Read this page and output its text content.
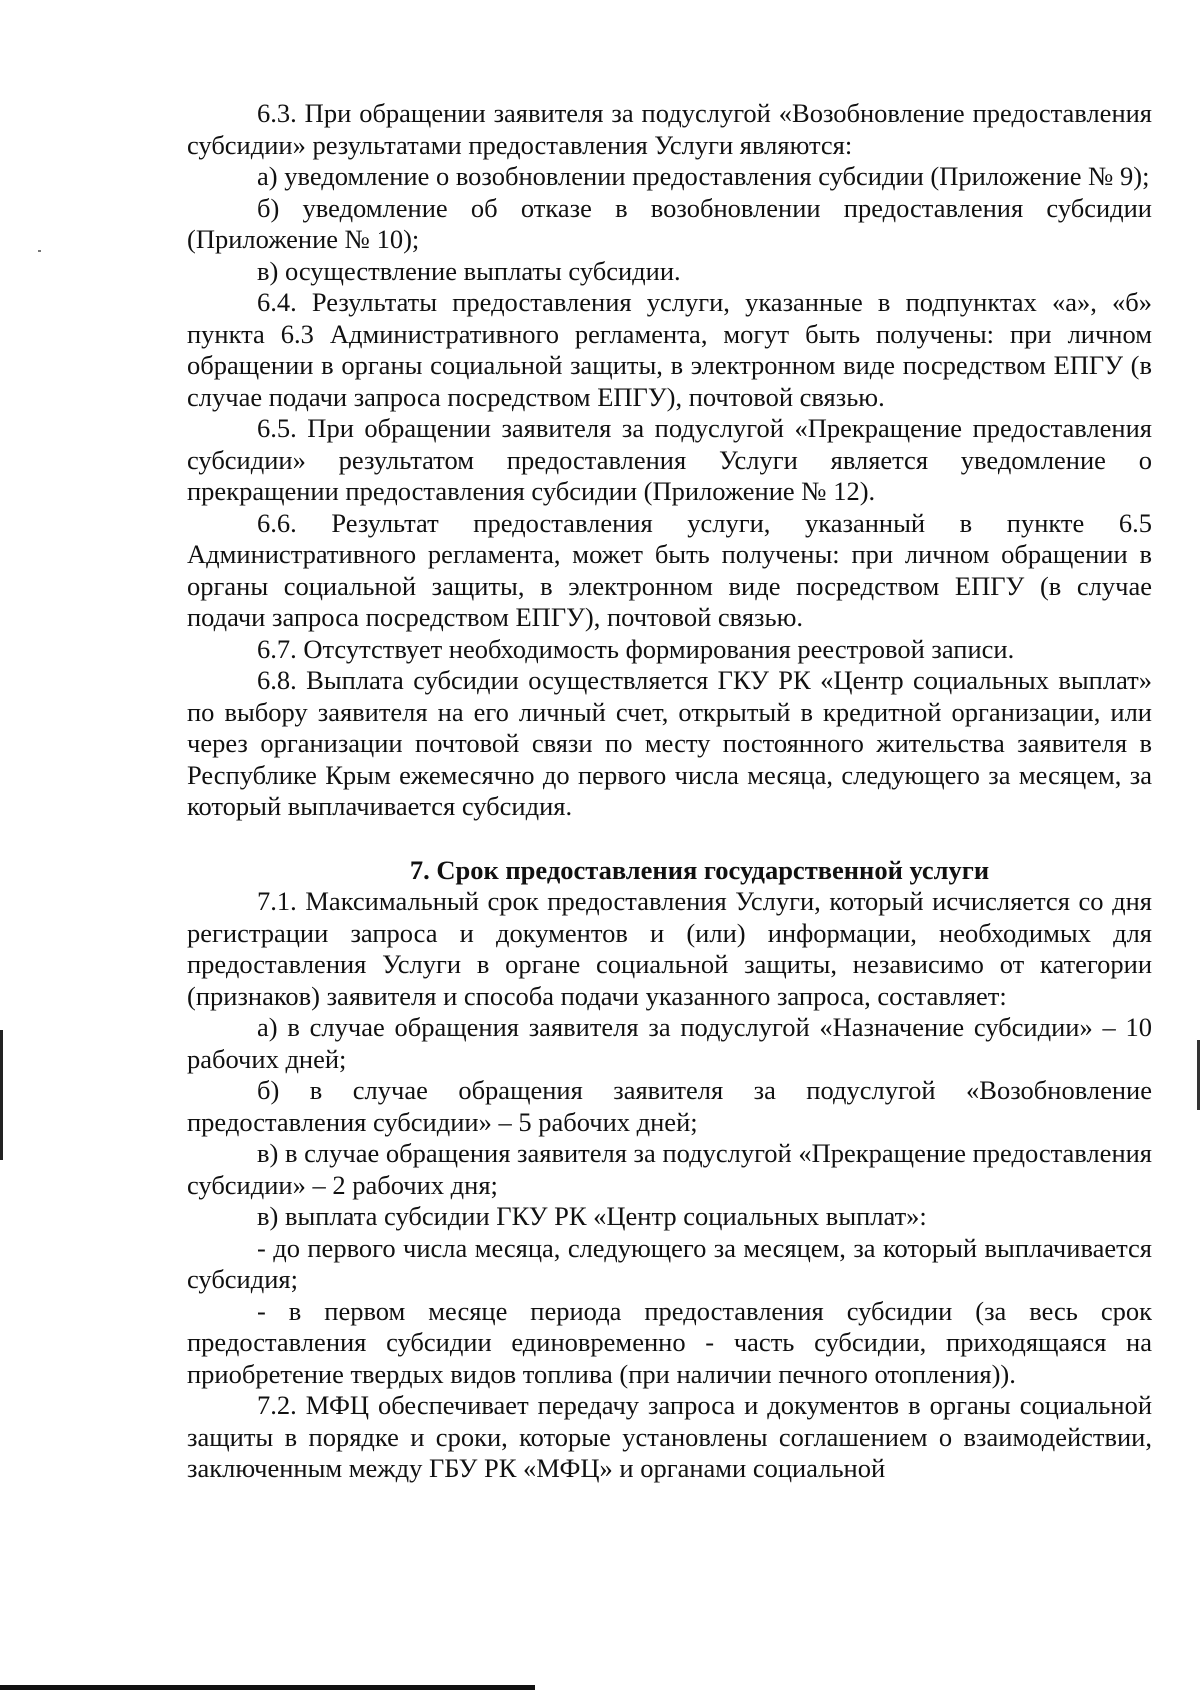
6.3. При обращении заявителя за подуслугой «Возобновление предоставления субсидии» результатами предоставления Услуги являются:

а) уведомление о возобновлении предоставления субсидии (Приложение № 9);

б) уведомление об отказе в возобновлении предоставления субсидии (Приложение № 10);

в) осуществление выплаты субсидии.

6.4. Результаты предоставления услуги, указанные в подпунктах «а», «б» пункта 6.3 Административного регламента, могут быть получены: при личном обращении в органы социальной защиты, в электронном виде посредством ЕПГУ (в случае подачи запроса посредством ЕПГУ), почтовой связью.

6.5. При обращении заявителя за подуслугой «Прекращение предоставления субсидии» результатом предоставления Услуги является уведомление о прекращении предоставления субсидии (Приложение № 12).

6.6. Результат предоставления услуги, указанный в пункте 6.5 Административного регламента, может быть получены: при личном обращении в органы социальной защиты, в электронном виде посредством ЕПГУ (в случае подачи запроса посредством ЕПГУ), почтовой связью.

6.7. Отсутствует необходимость формирования реестровой записи.

6.8. Выплата субсидии осуществляется ГКУ РК «Центр социальных выплат» по выбору заявителя на его личный счет, открытый в кредитной организации, или через организации почтовой связи по месту постоянного жительства заявителя в Республике Крым ежемесячно до первого числа месяца, следующего за месяцем, за который выплачивается субсидия.

7. Срок предоставления государственной услуги

7.1. Максимальный срок предоставления Услуги, который исчисляется со дня регистрации запроса и документов и (или) информации, необходимых для предоставления Услуги в органе социальной защиты, независимо от категории (признаков) заявителя и способа подачи указанного запроса, составляет:

а) в случае обращения заявителя за подуслугой «Назначение субсидии» – 10 рабочих дней;

б) в случае обращения заявителя за подуслугой «Возобновление предоставления субсидии» – 5 рабочих дней;

в) в случае обращения заявителя за подуслугой «Прекращение предоставления субсидии» – 2 рабочих дня;

в) выплата субсидии ГКУ РК «Центр социальных выплат»:

- до первого числа месяца, следующего за месяцем, за который выплачивается субсидия;

- в первом месяце периода предоставления субсидии (за весь срок предоставления субсидии единовременно - часть субсидии, приходящаяся на приобретение твердых видов топлива (при наличии печного отопления)).

7.2. МФЦ обеспечивает передачу запроса и документов в органы социальной защиты в порядке и сроки, которые установлены соглашением о взаимодействии, заключенным между ГБУ РК «МФЦ» и органами социальной
